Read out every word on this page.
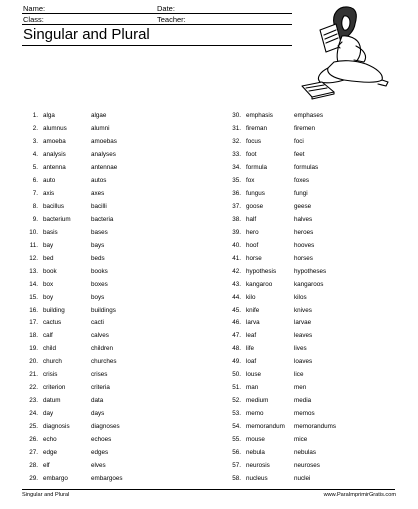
Name:	Date:
Class:	Teacher:
Singular and Plural
1.	alga	algae
2.	alumnus	alumni
3.	amoeba	amoebas
4.	analysis	analyses
5.	antenna	antennae
6.	auto	autos
7.	axis	axes
8.	bacillus	bacilli
9.	bacterium	bacteria
10.	basis	bases
11.	bay	bays
12.	bed	beds
13.	book	books
14.	box	boxes
15.	boy	boys
16.	building	buildings
17.	cactus	cacti
18.	calf	calves
19.	child	children
20.	church	churches
21.	crisis	crises
22.	criterion	criteria
23.	datum	data
24.	day	days
25.	diagnosis	diagnoses
26.	echo	echoes
27.	edge	edges
28.	elf	elves
29.	embargo	embargoes
30.	emphasis	emphases
31.	fireman	firemen
32.	focus	foci
33.	foot	feet
34.	formula	formulas
35.	fox	foxes
36.	fungus	fungi
37.	goose	geese
38.	half	halves
39.	hero	heroes
40.	hoof	hooves
41.	horse	horses
42.	hypothesis	hypotheses
43.	kangaroo	kangaroos
44.	kilo	kilos
45.	knife	knives
46.	larva	larvae
47.	leaf	leaves
48.	life	lives
49.	loaf	loaves
50.	louse	lice
51.	man	men
52.	medium	media
53.	memo	memos
54.	memorandum	memorandums
55.	mouse	mice
56.	nebula	nebulas
57.	neurosis	neuroses
58.	nucleus	nuclei
Singular and Plural	www.ParaImprimirGratis.com
